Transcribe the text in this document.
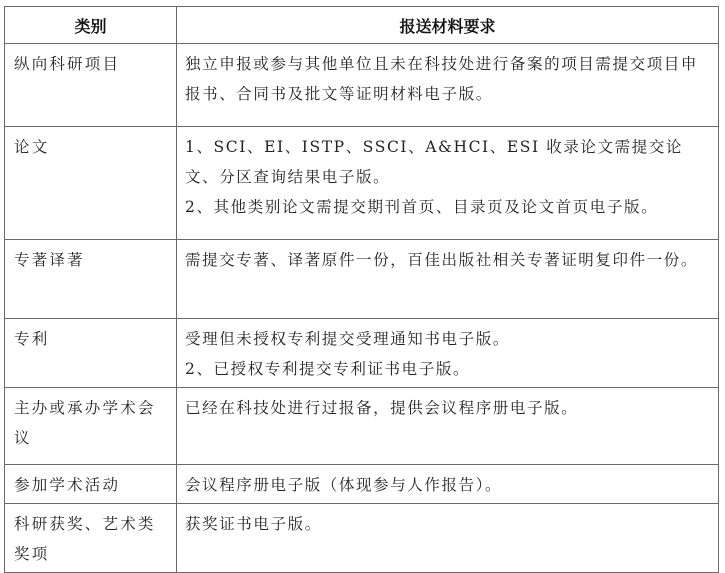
类别	报送材料要求

纵向科研项目	独立申报或参与其他单位且未在科技处进行备案的项目需提交项目申报书、合同书及批文等证明材料电子版。

论文	1、SCI、EI、ISTP、SSCI、A&HCI、ESI 收录论文需提交论文、分区查询结果电子版。
2、其他类别论文需提交期刊首页、目录页及论文首页电子版。

专著译著	需提交专著、译著原件一份，百佳出版社相关专著证明复印件一份。

专利	受理但未授权专利提交受理通知书电子版。
2、已授权专利提交专利证书电子版。

主办或承办学术会议	已经在科技处进行过报备，提供会议程序册电子版。

参加学术活动	会议程序册电子版（体现参与人作报告）。

科研获奖、艺术类奖项	获奖证书电子版。
